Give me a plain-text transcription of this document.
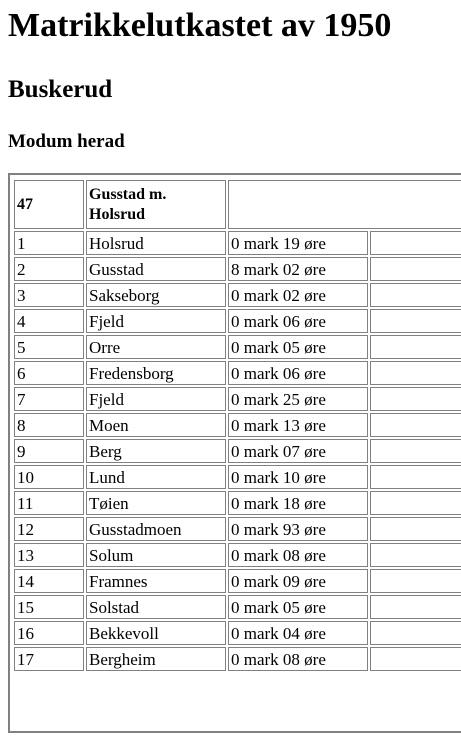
Matrikkelutkastet av 1950
Buskerud
Modum herad
47	Gusstad m. Holsrud		
1	Holsrud	0 mark 19 øre	
2	Gusstad	8 mark 02 øre	
3	Sakseborg	0 mark 02 øre	
4	Fjeld	0 mark 06 øre	
5	Orre	0 mark 05 øre	
6	Fredensborg	0 mark 06 øre	
7	Fjeld	0 mark 25 øre	
8	Moen	0 mark 13 øre	
9	Berg	0 mark 07 øre	
10	Lund	0 mark 10 øre	
11	Tøien	0 mark 18 øre	
12	Gusstadmoen	0 mark 93 øre	
13	Solum	0 mark 08 øre	
14	Framnes	0 mark 09 øre	
15	Solstad	0 mark 05 øre	
16	Bekkevoll	0 mark 04 øre	
17	Bergheim	0 mark 08 øre	
